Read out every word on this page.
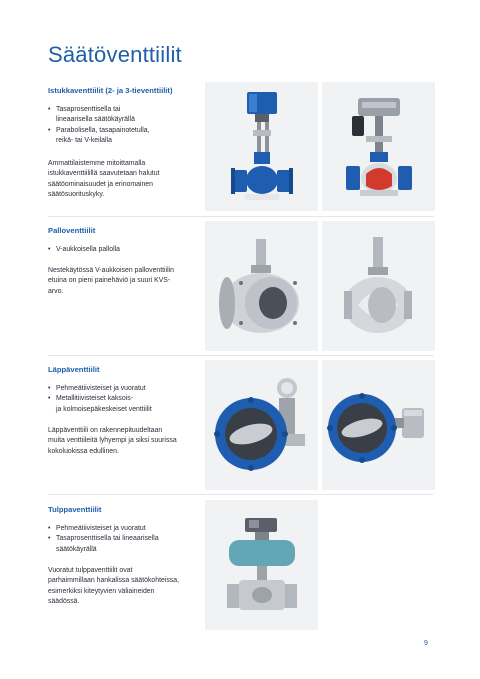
Säätöventtiilit
Istukkaventtiilit (2- ja 3-tieventtiilit)
• Tasaprosenttisella tai
lineaarisella säätökäyrällä
• Parabolisella, tasapainotetulla,
reikä- tai V-keilalla

Ammattilaistemme mitoittamalla
istukkaventtiilillä saavutetaan halutut
säätöominaisuudet ja erinomainen
säätösuorituskyky.

Palloventtiilit
• V-aukkoisella pallolla

Nestekäytössä V-aukkoisen palloventtiilin
etuina on pieni painehäviö ja suuri KVS-
arvo.

Läppäventtiilit
• Pehmeätiivisteiset ja vuoratut
• Metallitiivisteiset kaksois-
ja kolmoisepäkeskeiset venttiilit

Läppäventtiili on rakennepituudeltaan
muita venttiileitä lyhyempi ja siksi suurissa
kokoluokissa edullinen.

Tulppaventtiilit
• Pehmeätiivisteiset ja vuoratut
• Tasaprosenttisella tai lineaarisella
säätökäyrällä

Vuoratut tulppaventtiilit ovat
parhaimmillaan hankalissa säätökohteissa,
esimerkiksi kiteytyvien väliaineiden
säädössä.

9
